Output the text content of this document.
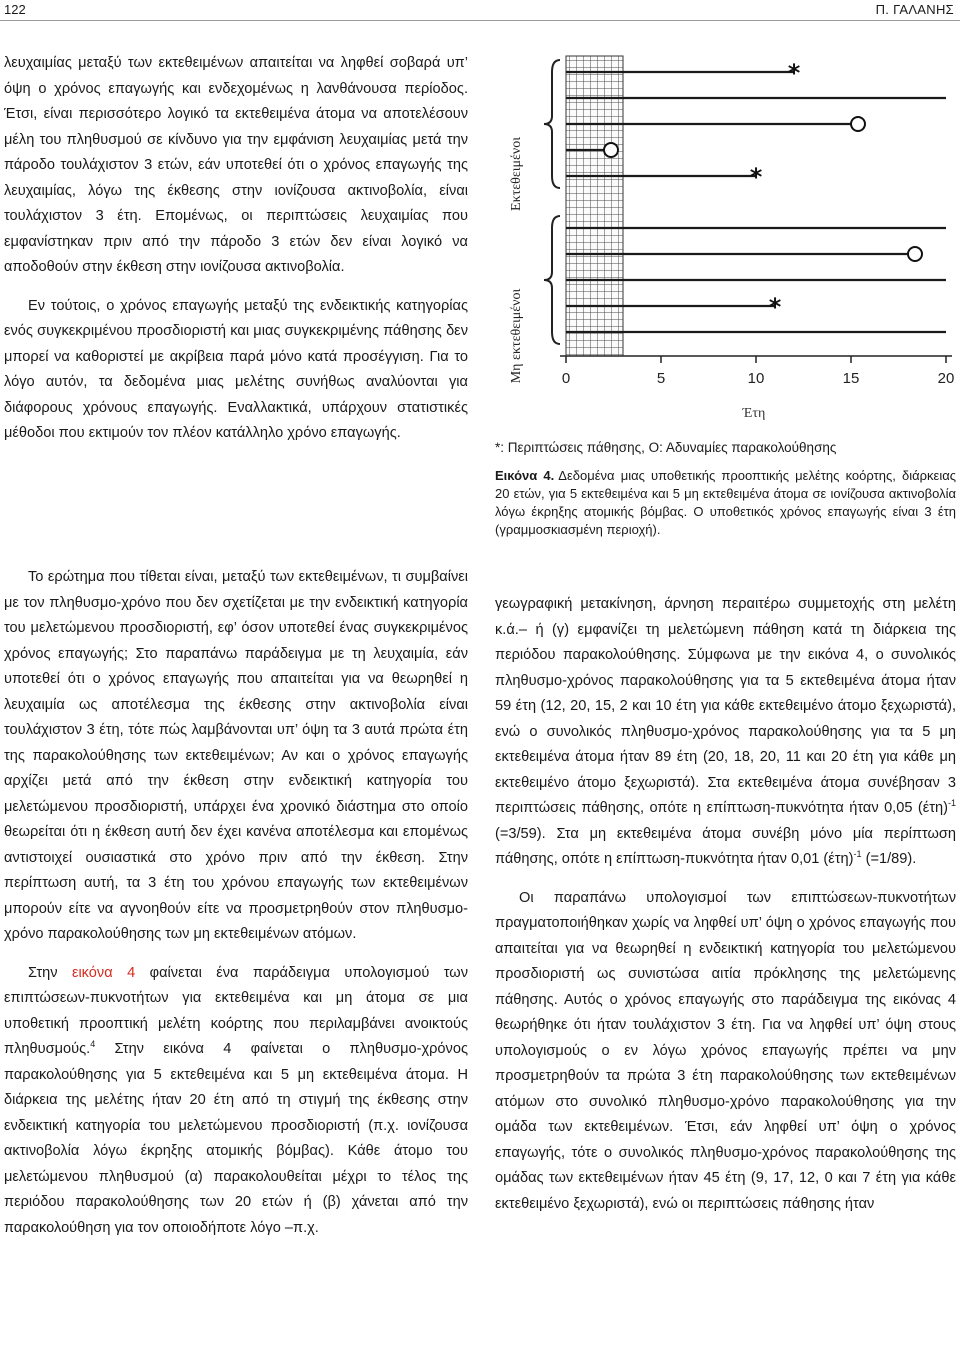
122	Π. ΓΑΛΑΝΗΣ

λευχαιμίας μεταξύ των εκτεθειμένων απαιτείται να ληφθεί σοβαρά υπ’ όψη ο χρόνος επαγωγής και ενδεχομένως η λανθάνουσα περίοδος. Έτσι, είναι περισσότερο λογικό τα εκτεθειμένα άτομα να αποτελέσουν μέλη του πληθυσμού σε κίνδυνο για την εμφάνιση λευχαιμίας μετά την πάροδο τουλάχιστον 3 ετών, εάν υποτεθεί ότι ο χρόνος επαγωγής της λευχαιμίας, λόγω της έκθεσης στην ιονίζουσα ακτινοβολία, είναι τουλάχιστον 3 έτη. Επομένως, οι περιπτώσεις λευχαιμίας που εμφανίστηκαν πριν από την πάροδο 3 ετών δεν είναι λογικό να αποδοθούν στην έκθεση στην ιονίζουσα ακτινοβολία.

Εν τούτοις, ο χρόνος επαγωγής μεταξύ της ενδεικτικής κατηγορίας ενός συγκεκριμένου προσδιοριστή και μιας συγκεκριμένης πάθησης δεν μπορεί να καθοριστεί με ακρίβεια παρά μόνο κατά προσέγγιση. Για το λόγο αυτόν, τα δεδομένα μιας μελέτης συνήθως αναλύονται για διάφορους χρόνους επαγωγής. Εναλλακτικά, υπάρχουν στατιστικές μέθοδοι που εκτιμούν τον πλέον κατάλληλο χρόνο επαγωγής.

Το ερώτημα που τίθεται είναι, μεταξύ των εκτεθειμένων, τι συμβαίνει με τον πληθυσμο-χρόνο που δεν σχετίζεται με την ενδεικτική κατηγορία του μελετώμενου προσδιοριστή, εφ’ όσον υποτεθεί ένας συγκεκριμένος χρόνος επαγωγής; Στο παραπάνω παράδειγμα με τη λευχαιμία, εάν υποτεθεί ότι ο χρόνος επαγωγής που απαιτείται για να θεωρηθεί η λευχαιμία ως αποτέλεσμα της έκθεσης στην ακτινοβολία είναι τουλάχιστον 3 έτη, τότε πώς λαμβάνονται υπ’ όψη τα 3 αυτά πρώτα έτη της παρακολούθησης των εκτεθειμένων; Αν και ο χρόνος επαγωγής αρχίζει μετά από την έκθεση στην ενδεικτική κατηγορία του μελετώμενου προσδιοριστή, υπάρχει ένα χρονικό διάστημα στο οποίο θεωρείται ότι η έκθεση αυτή δεν έχει κανένα αποτέλεσμα και επομένως αντιστοιχεί ουσιαστικά στο χρόνο πριν από την έκθεση. Στην περίπτωση αυτή, τα 3 έτη του χρόνου επαγωγής των εκτεθειμένων μπορούν είτε να αγνοηθούν είτε να προσμετρηθούν στον πληθυσμο-χρόνο παρακολούθησης των μη εκτεθειμένων ατόμων.

Στην εικόνα 4 φαίνεται ένα παράδειγμα υπολογισμού των επιπτώσεων-πυκνοτήτων για εκτεθειμένα και μη άτομα σε μια υποθετική προοπτική μελέτη κοόρτης που περιλαμβάνει ανοικτούς πληθυσμούς.$^4$ Στην εικόνα 4 φαίνεται ο πληθυσμο-χρόνος παρακολούθησης για 5 εκτεθειμένα και 5 μη εκτεθειμένα άτομα. Η διάρκεια της μελέτης ήταν 20 έτη από τη στιγμή της έκθεσης στην ενδεικτική κατηγορία του μελετώμενου προσδιοριστή (π.χ. ιονίζουσα ακτινοβολία λόγω έκρηξης ατομικής βόμβας). Κάθε άτομο του μελετώμενου πληθυσμού (α) παρακολουθείται μέχρι το τέλος της περιόδου παρακολούθησης των 20 ετών ή (β) χάνεται από την παρακολούθηση για τον οποιοδήποτε λόγο –π.χ.

0	5	10	15	20
*
*
*
Εκτεθειμένοι
Μη εκτεθειμένοι
Έτη
*: Περιπτώσεις πάθησης, Ο: Αδυναμίες παρακολούθησης
Εικόνα 4. Δεδομένα μιας υποθετικής προοπτικής μελέτης κοόρτης, διάρκειας 20 ετών, για 5 εκτεθειμένα και 5 μη εκτεθειμένα άτομα σε ιονίζουσα ακτινοβολία λόγω έκρηξης ατομικής βόμβας. Ο υποθετικός χρόνος επαγωγής είναι 3 έτη (γραμμοσκιασμένη περιοχή).

γεωγραφική μετακίνηση, άρνηση περαιτέρω συμμετοχής στη μελέτη κ.ά.– ή (γ) εμφανίζει τη μελετώμενη πάθηση κατά τη διάρκεια της περιόδου παρακολούθησης. Σύμφωνα με την εικόνα 4, ο συνολικός πληθυσμο-χρόνος παρακολούθησης για τα 5 εκτεθειμένα άτομα ήταν 59 έτη (12, 20, 15, 2 και 10 έτη για κάθε εκτεθειμένο άτομο ξεχωριστά), ενώ ο συνολικός πληθυσμο-χρόνος παρακολούθησης για τα 5 μη εκτεθειμένα άτομα ήταν 89 έτη (20, 18, 20, 11 και 20 έτη για κάθε μη εκτεθειμένο άτομο ξεχωριστά). Στα εκτεθειμένα άτομα συνέβησαν 3 περιπτώσεις πάθησης, οπότε η επίπτωση-πυκνότητα ήταν 0,05 $(έ\tau\eta)^{-1}$ (=3/59). Στα μη εκτεθειμένα άτομα συνέβη μόνο μία περίπτωση πάθησης, οπότε η επίπτωση-πυκνότητα ήταν 0,01 $(έ\tau\eta)^{-1}$ (=1/89).

Οι παραπάνω υπολογισμοί των επιπτώσεων-πυκνοτήτων πραγματοποιήθηκαν χωρίς να ληφθεί υπ’ όψη ο χρόνος επαγωγής που απαιτείται για να θεωρηθεί η ενδεικτική κατηγορία του μελετώμενου προσδιοριστή ως συνιστώσα αιτία πρόκλησης της μελετώμενης πάθησης. Αυτός ο χρόνος επαγωγής στο παράδειγμα της εικόνας 4 θεωρήθηκε ότι ήταν τουλάχιστον 3 έτη. Για να ληφθεί υπ’ όψη στους υπολογισμούς ο εν λόγω χρόνος επαγωγής πρέπει να μην προσμετρηθούν τα πρώτα 3 έτη παρακολούθησης των εκτεθειμένων ατόμων στο συνολικό πληθυσμο-χρόνο παρακολούθησης για την ομάδα των εκτεθειμένων. Έτσι, εάν ληφθεί υπ’ όψη ο χρόνος επαγωγής, τότε ο συνολικός πληθυσμο-χρόνος παρακολούθησης της ομάδας των εκτεθειμένων ήταν 45 έτη (9, 17, 12, 0 και 7 έτη για κάθε εκτεθειμένο ξεχωριστά), ενώ οι περιπτώσεις πάθησης ήταν
